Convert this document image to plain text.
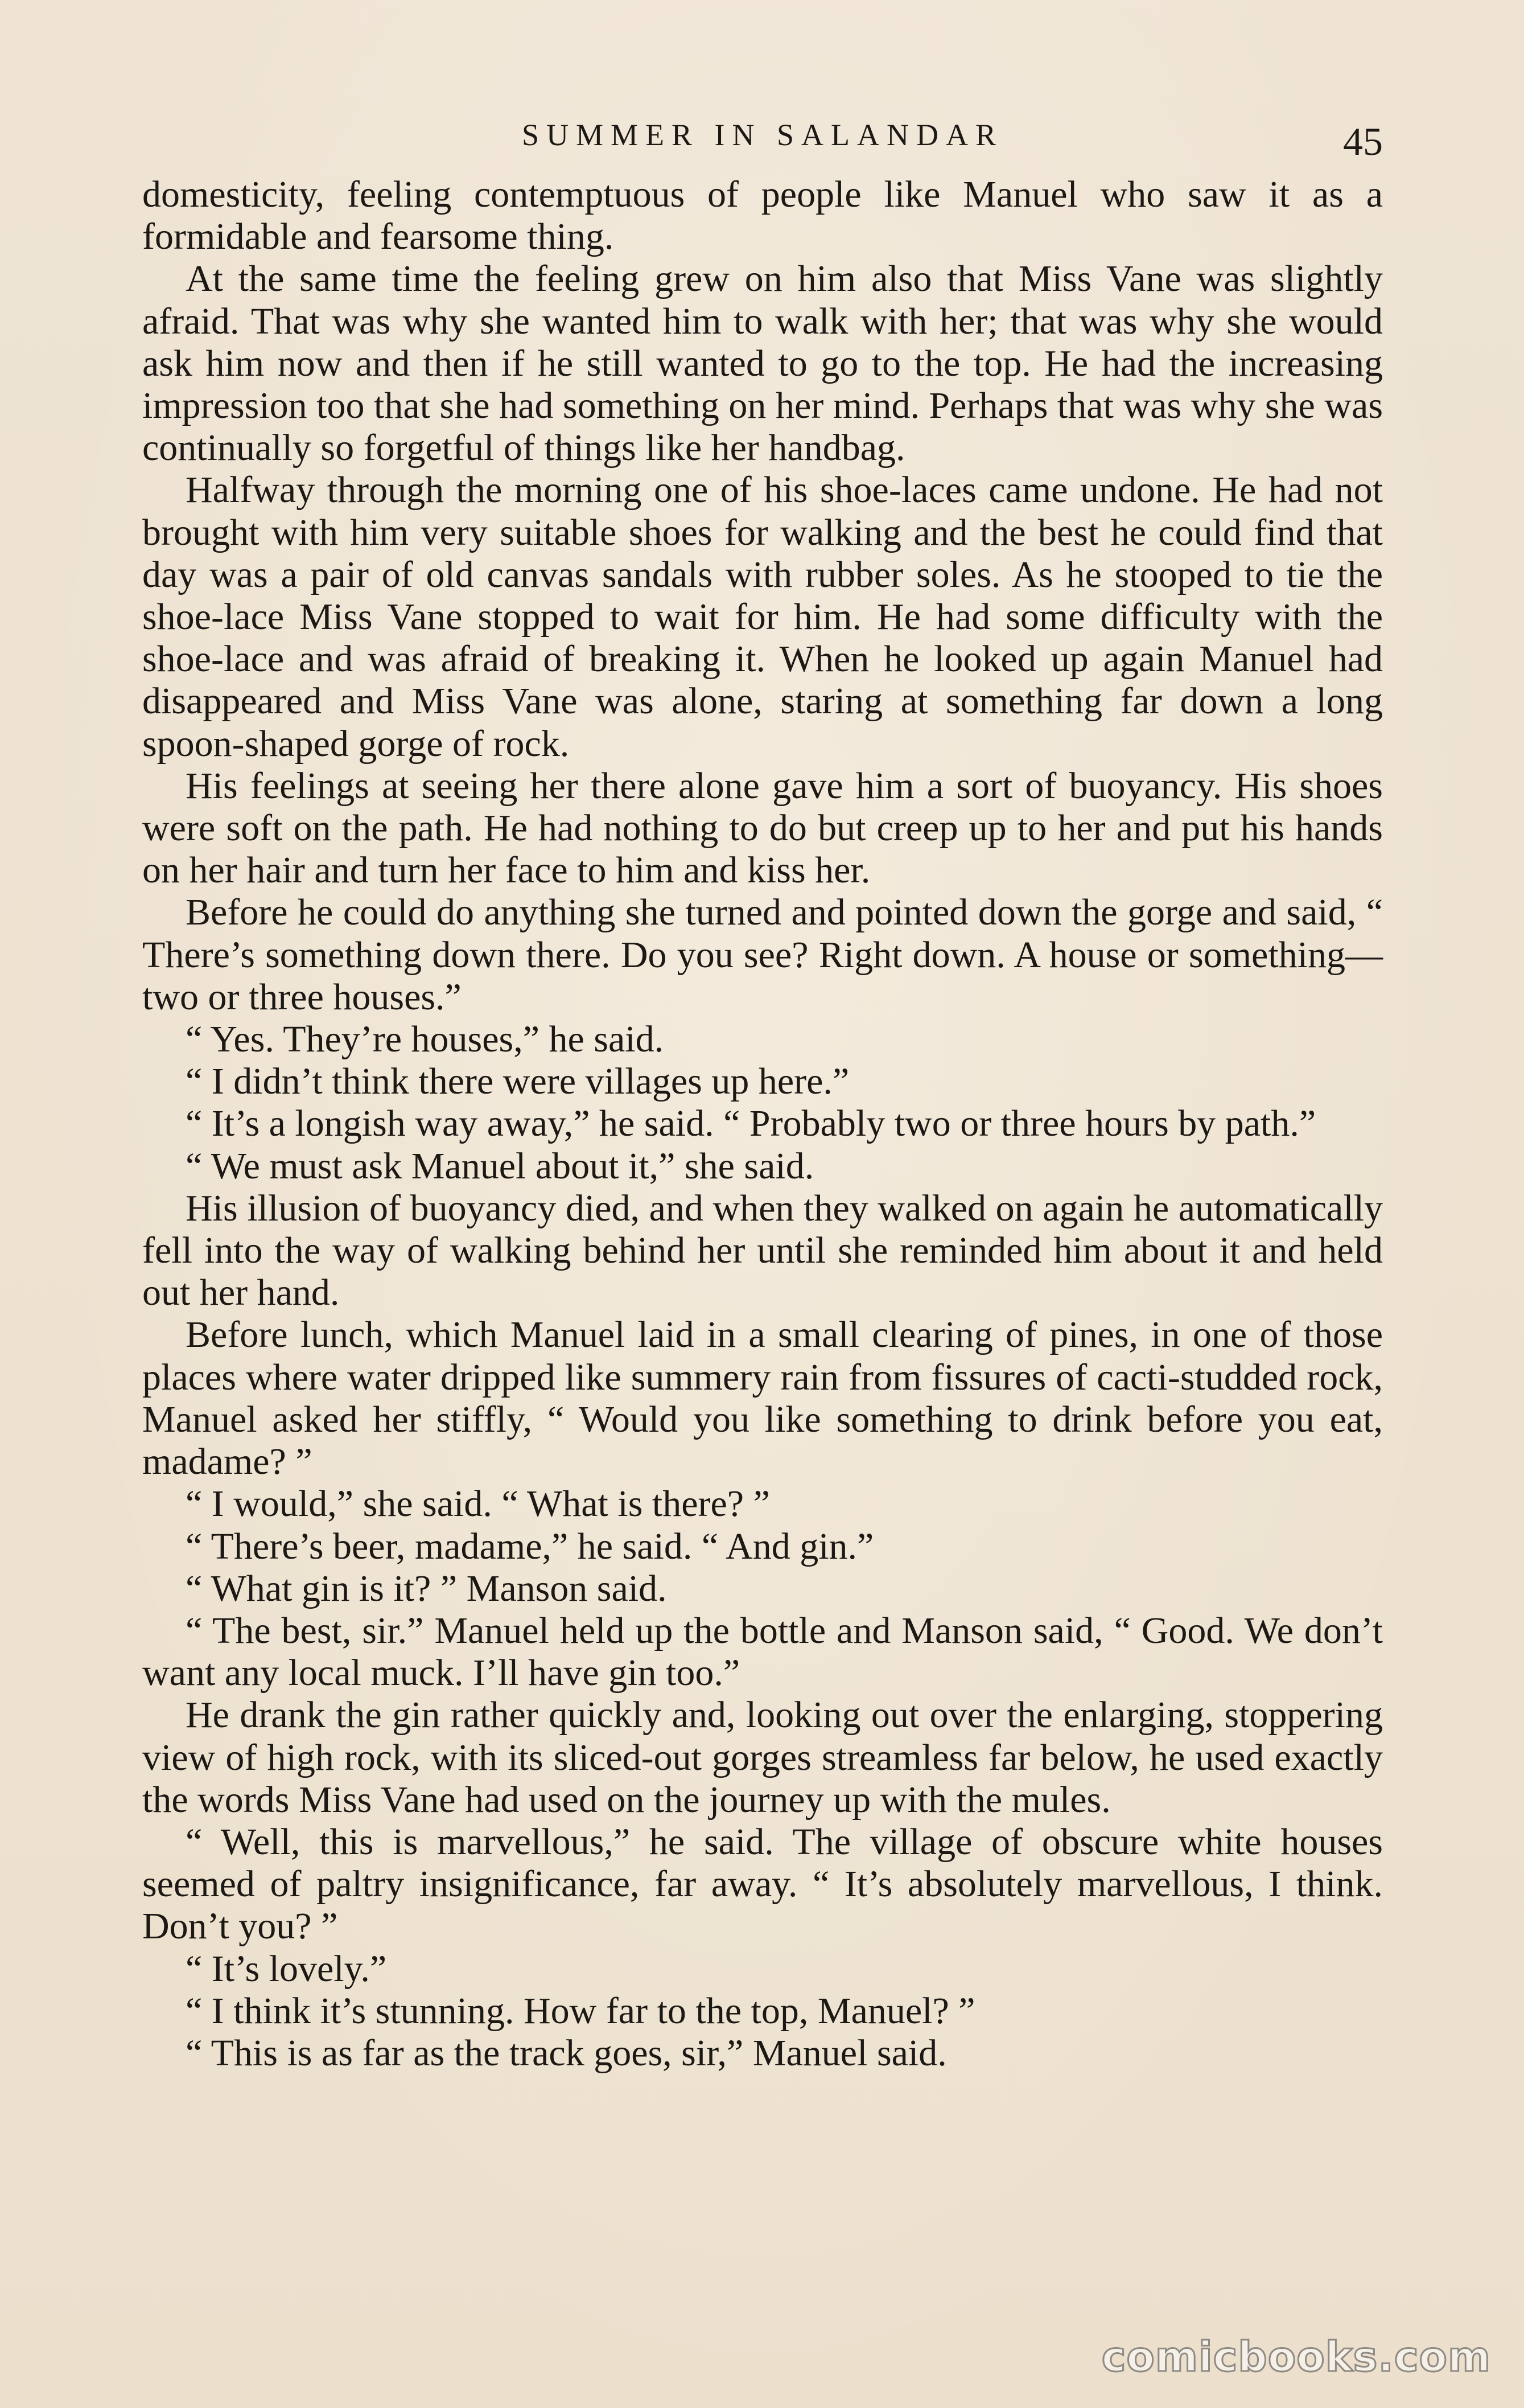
SUMMER IN SALANDAR	45

domesticity, feeling contemptuous of people like Manuel who saw it as a formidable and fearsome thing.

At the same time the feeling grew on him also that Miss Vane was slightly afraid. That was why she wanted him to walk with her; that was why she would ask him now and then if he still wanted to go to the top. He had the increasing impression too that she had something on her mind. Perhaps that was why she was continually so forgetful of things like her handbag.

Halfway through the morning one of his shoe-laces came undone. He had not brought with him very suitable shoes for walking and the best he could find that day was a pair of old canvas sandals with rubber soles. As he stooped to tie the shoe-lace Miss Vane stopped to wait for him. He had some difficulty with the shoe-lace and was afraid of breaking it. When he looked up again Manuel had disappeared and Miss Vane was alone, staring at something far down a long spoon-shaped gorge of rock.

His feelings at seeing her there alone gave him a sort of buoyancy. His shoes were soft on the path. He had nothing to do but creep up to her and put his hands on her hair and turn her face to him and kiss her.

Before he could do anything she turned and pointed down the gorge and said, “ There’s something down there. Do you see? Right down. A house or something—two or three houses.”

“ Yes. They’re houses,” he said.

“ I didn’t think there were villages up here.”

“ It’s a longish way away,” he said. “ Probably two or three hours by path.”

“ We must ask Manuel about it,” she said.

His illusion of buoyancy died, and when they walked on again he automatically fell into the way of walking behind her until she reminded him about it and held out her hand.

Before lunch, which Manuel laid in a small clearing of pines, in one of those places where water dripped like summery rain from fissures of cacti-studded rock, Manuel asked her stiffly, “ Would you like something to drink before you eat, madame? ”

“ I would,” she said. “ What is there? ”

“ There’s beer, madame,” he said. “ And gin.”

“ What gin is it? ” Manson said.

“ The best, sir.” Manuel held up the bottle and Manson said, “ Good. We don’t want any local muck. I’ll have gin too.”

He drank the gin rather quickly and, looking out over the enlarging, stoppering view of high rock, with its sliced-out gorges streamless far below, he used exactly the words Miss Vane had used on the journey up with the mules.

“ Well, this is marvellous,” he said. The village of obscure white houses seemed of paltry insignificance, far away. “ It’s absolutely marvellous, I think. Don’t you? ”

“ It’s lovely.”

“ I think it’s stunning. How far to the top, Manuel? ”

“ This is as far as the track goes, sir,” Manuel said.

comicbooks.com
